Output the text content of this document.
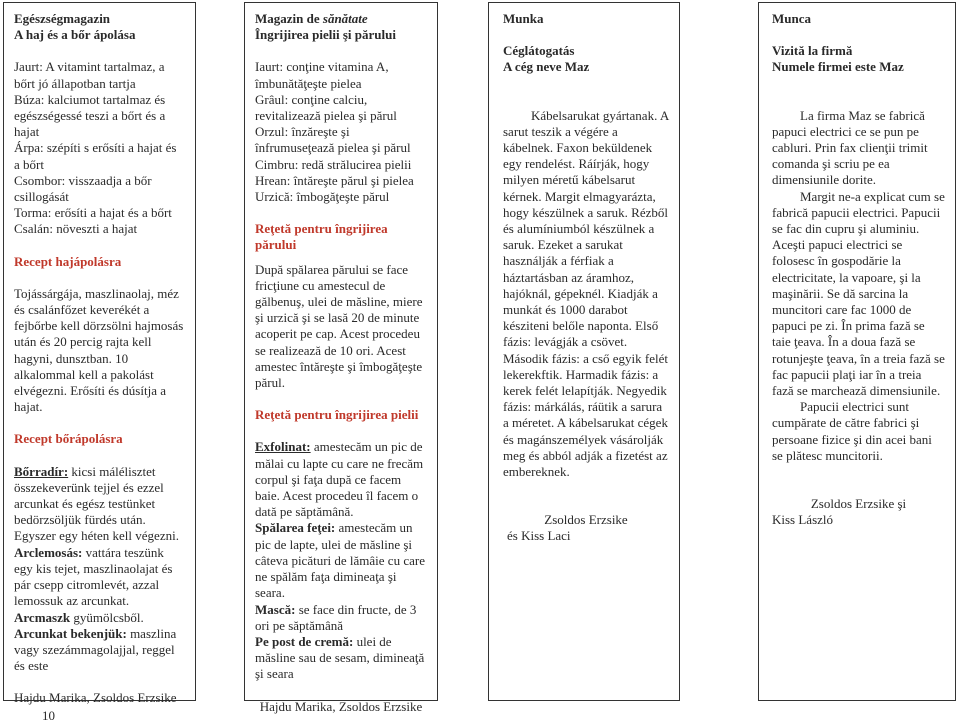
Egészségmagazin

A haj és a bőr ápolása

Jaurt: A vitamint tartalmaz, a bőrt jó állapotban tartja

Búza: kalciumot tartalmaz és egészségessé teszi a bőrt és a hajat

Árpa: szépíti s erősíti a hajat és a bőrt

Csombor: visszaadja a bőr csillogását

Torma: erősíti a hajat és a bőrt

Csalán: növeszti a hajat

Recept hajápolásra

Tojássárgája, maszlinaolaj, méz és csalánfőzet keverékét a fejbőrbe kell dörzsölni hajmosás után és 20 percig rajta kell hagyni, dunsztban. 10 alkalommal kell a pakolást elvégezni. Erősíti és dúsítja a hajat.

Recept bőrápolásra

Bőrradír: kicsi málélisztet összekeverünk tejjel és ezzel arcunkat és egész testünket bedörzsöljük fürdés után. Egyszer egy héten kell végezni.

Arclemosás: vattára teszünk egy kis tejet, maszlinaolajat és pár csepp citromlevét, azzal lemossuk az arcunkat.

Arcmaszk gyümölcsből.

Arcunkat bekenjük: maszlina vagy szezámmagolajjal, reggel és este

Hajdu Marika, Zsoldos Erzsike

Magazin de sănătate

Îngrijirea pielii şi părului

Iaurt: conţine vitamina A, îmbunătăţeşte pielea

Grâul: conţine calciu, revitalizează pielea şi părul

Orzul: înzăreşte şi înfrumuseţează pielea şi părul

Cimbru: redă strălucirea pielii

Hrean: întăreşte părul şi pielea

Urzică: îmbogăţeşte părul

Reţetă pentru îngrijirea părului

După spălarea părului se face fricţiune cu amestecul de gălbenuş, ulei de măsline, miere şi urzică şi se lasă 20 de minute acoperit pe cap. Acest procedeu se realizează de 10 ori. Acest amestec întăreşte şi îmbogăţeşte părul.

Reţetă pentru îngrijirea pielii

Exfolinat: amestecăm un pic de mălai cu lapte cu care ne frecăm corpul şi faţa după ce facem baie. Acest procedeu îl facem o dată pe săptămână.

Spălarea feţei: amestecăm un pic de lapte, ulei de măsline şi câteva picături de lămâie cu care ne spălăm faţa dimineaţa şi seara.

Mască: se face din fructe, de 3 ori pe săptămână

Pe post de cremă: ulei de măsline sau de sesam, dimineaţă şi seara

Hajdu Marika, Zsoldos Erzsike

Munka

Céglátogatás

A cég neve Maz

Kábelsarukat gyártanak. A sarut teszik a végére a kábelnek. Faxon beküldenek egy rendelést. Ráírják, hogy milyen méretű kábelsarut kérnek. Margit elmagyarázta, hogy készülnek a saruk. Rézből és alumíniumból készülnek a saruk. Ezeket a sarukat használják a férfiak a háztartásban az áramhoz, hajóknál, gépeknél. Kiadják a munkát és 1000 darabot késziteni belőle naponta. Első fázis: levágják a csövet. Második fázis: a cső egyik felét lekerekftik. Harmadik fázis: a kerek felét lelapítják. Negyedik fázis: márkálás, ráütik a sarura a méretet. A kábelsarukat cégek és magánszemélyek vásárolják meg és abból adják a fizetést az embereknek.

Zsoldos Erzsike

és Kiss Laci

Munca

Vizită la firmă

Numele firmei este Maz

La firma Maz se fabrică papuci electrici ce se pun pe cabluri. Prin fax clienţii trimit comanda şi scriu pe ea dimensiunile dorite.

Margit ne-a explicat cum se fabrică papucii electrici. Papucii se fac din cupru şi aluminiu. Aceşti papuci electrici se folosesc în gospodărie la electricitate, la vapoare, şi la maşinării. Se dă sarcina la muncitori care fac 1000 de papuci pe zi. În prima fază se taie ţeava. În a doua fază se rotunjeşte ţeava, în a treia fază se fac papucii plaţi iar în a treia fază se marchează dimensiunile.

Papucii electrici sunt cumpărate de către fabrici şi persoane fizice şi din acei bani se plătesc muncitorii.

Zsoldos Erzsike şi

Kiss László

10
